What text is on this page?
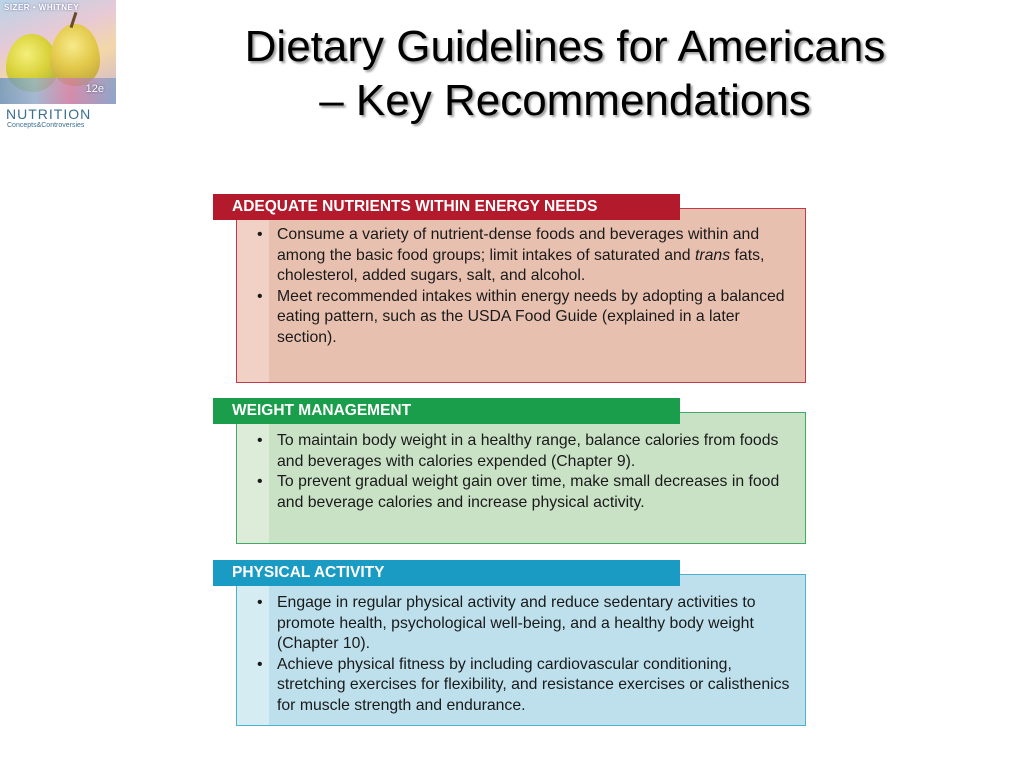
SIZER • WHITNEY
12e
NUTRITION
Concepts&Controversies
Dietary Guidelines for Americans
– Key Recommendations
ADEQUATE NUTRIENTS WITHIN ENERGY NEEDS
• Consume a variety of nutrient-dense foods and beverages within and among the basic food groups; limit intakes of saturated and trans fats, cholesterol, added sugars, salt, and alcohol.
• Meet recommended intakes within energy needs by adopting a balanced eating pattern, such as the USDA Food Guide (explained in a later section).
WEIGHT MANAGEMENT
• To maintain body weight in a healthy range, balance calories from foods and beverages with calories expended (Chapter 9).
• To prevent gradual weight gain over time, make small decreases in food and beverage calories and increase physical activity.
PHYSICAL ACTIVITY
• Engage in regular physical activity and reduce sedentary activities to promote health, psychological well-being, and a healthy body weight (Chapter 10).
• Achieve physical fitness by including cardiovascular conditioning, stretching exercises for flexibility, and resistance exercises or calisthenics for muscle strength and endurance.
